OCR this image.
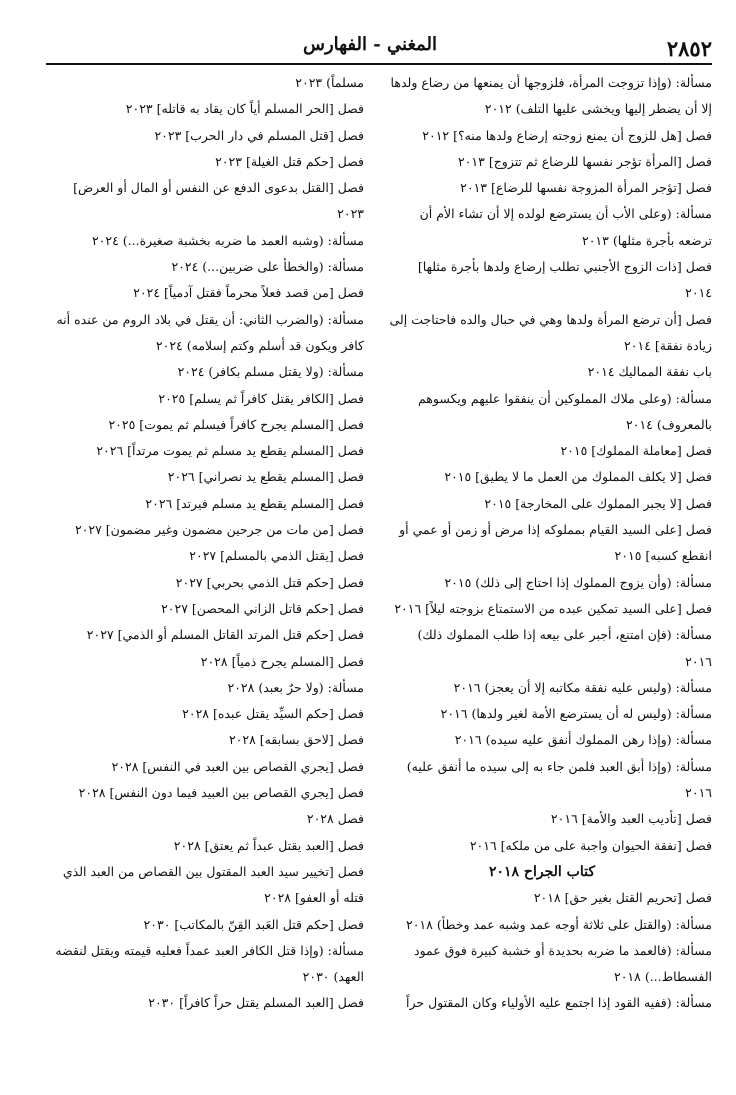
٢٨٥٢
المغني - الفهارس
مسألة: (وإذا تزوجت المرأة، فلزوجها أن يمنعها من رضاع ولدها
إلا أن يضطر إليها ويخشى عليها التلف) ٢٠١٢
فصل [هل للزوج أن يمنع زوجته إرضاع ولدها منه؟] ٢٠١٢
فصل [المرأة تؤجر نفسها للرضاع ثم تتزوج] ٢٠١٣
فصل [تؤجر المرأة المزوجة نفسها للرضاع] ٢٠١٣
مسألة: (وعلى الأب أن يسترضع لولده إلا أن تشاء الأم أن
ترضعه بأجرة مثلها) ٢٠١٣
فصل [ذات الزوج الأجنبي تطلب إرضاع ولدها بأجرة مثلها]
٢٠١٤
فصل [أن ترضع المرأة ولدها وهي في حبال والده فاحتاجت إلى
زيادة نفقة] ٢٠١٤
باب نفقة المماليك ٢٠١٤
مسألة: (وعلى ملاك المملوكين أن ينفقوا عليهم ويكسوهم
بالمعروف) ٢٠١٤
فصل [معاملة المملوك] ٢٠١٥
فصل [لا يكلف المملوك من العمل ما لا يطيق] ٢٠١٥
فصل [لا يجبر المملوك على المخارجة] ٢٠١٥
فصل [على السيد القيام بمملوكه إذا مرض أو زمن أو عمي أو
انقطع كسبه] ٢٠١٥
مسألة: (وأن يزوج المملوك إذا احتاج إلى ذلك) ٢٠١٥
فصل [على السيد تمكين عبده من الاستمتاع بزوجته ليلاً] ٢٠١٦
مسألة: (فإن امتنع، أجبر على بيعه إذا طلب المملوك ذلك)
٢٠١٦
مسألة: (وليس عليه نفقة مكاتبه إلا أن يعجز) ٢٠١٦
مسألة: (وليس له أن يسترضع الأمة لغير ولدها) ٢٠١٦
مسألة: (وإذا رهن المملوك أنفق عليه سيده) ٢٠١٦
مسألة: (وإذا أبق العبد فلمن جاء به إلى سيده ما أنفق عليه)
٢٠١٦
فصل [تأديب العبد والأمة] ٢٠١٦
فصل [نفقة الحيوان واجبة على من ملكه] ٢٠١٦
كتاب الجراح ٢٠١٨
فصل [تحريم القتل بغير حق] ٢٠١٨
مسألة: (والقتل على ثلاثة أوجه عمد وشبه عمد وخطأ) ٢٠١٨
مسألة: (فالعمد ما ضربه بحديدة أو خشبة كبيرة فوق عمود
الفسطاط...) ٢٠١٨
مسألة: (ففيه القود إذا اجتمع عليه الأولياء وكان المقتول حراً
مسلماً) ٢٠٢٣
فصل [الحر المسلم أياً كان يقاد به قاتله] ٢٠٢٣
فصل [قتل المسلم في دار الحرب] ٢٠٢٣
فصل [حكم قتل الغيلة] ٢٠٢٣
فصل [القتل بدعوى الدفع عن النفس أو المال أو العرض]
٢٠٢٣
مسألة: (وشبه العمد ما ضربه بخشبة صغيرة...) ٢٠٢٤
مسألة: (والخطأ على ضربين...) ٢٠٢٤
فصل [من قصد فعلاً محرماً فقتل آدمياً] ٢٠٢٤
مسألة: (والضرب الثاني: أن يقتل في بلاد الروم من عنده أنه
كافر ويكون قد أسلم وكتم إسلامه) ٢٠٢٤
مسألة: (ولا يقتل مسلم بكافر) ٢٠٢٤
فصل [الكافر يقتل كافراً ثم يسلم] ٢٠٢٥
فصل [المسلم يجرح كافراً فيسلم ثم يموت] ٢٠٢٥
فصل [المسلم يقطع يد مسلم ثم يموت مرتداً] ٢٠٢٦
فصل [المسلم يقطع يد نصراني] ٢٠٢٦
فصل [المسلم يقطع يد مسلم فيرتد] ٢٠٢٦
فصل [من مات من جرحين مضمون وغير مضمون] ٢٠٢٧
فصل [يقتل الذمي بالمسلم] ٢٠٢٧
فصل [حكم قتل الذمي بحربي] ٢٠٢٧
فصل [حكم قاتل الزاني المحصن] ٢٠٢٧
فصل [حكم قتل المرتد القاتل المسلم أو الذمي] ٢٠٢٧
فصل [المسلم يجرح ذمياً] ٢٠٢٨
مسألة: (ولا حرٌ بعبد) ٢٠٢٨
فصل [حكم السيِّد يقتل عبده] ٢٠٢٨
فصل [لاحق بسابقه] ٢٠٢٨
فصل [يجري القصاص بين العبد في النفس] ٢٠٢٨
فصل [يجري القصاص بين العبيد فيما دون النفس] ٢٠٢٨
فصل ٢٠٢٨
فصل [العبد يقتل عبداً ثم يعتق] ٢٠٢٨
فصل [تخيير سيد العبد المقتول بين القصاص من العبد الذي
قتله أو العفو] ٢٠٢٨
فصل [حكم قتل العَبد القِنّ بالمكاتب] ٢٠٣٠
مسألة: (وإذا قتل الكافر العبد عمداً فعليه قيمته ويقتل لنقضه
العهد) ٢٠٣٠
فصل [العبد المسلم يقتل حراً كافراً] ٢٠٣٠
